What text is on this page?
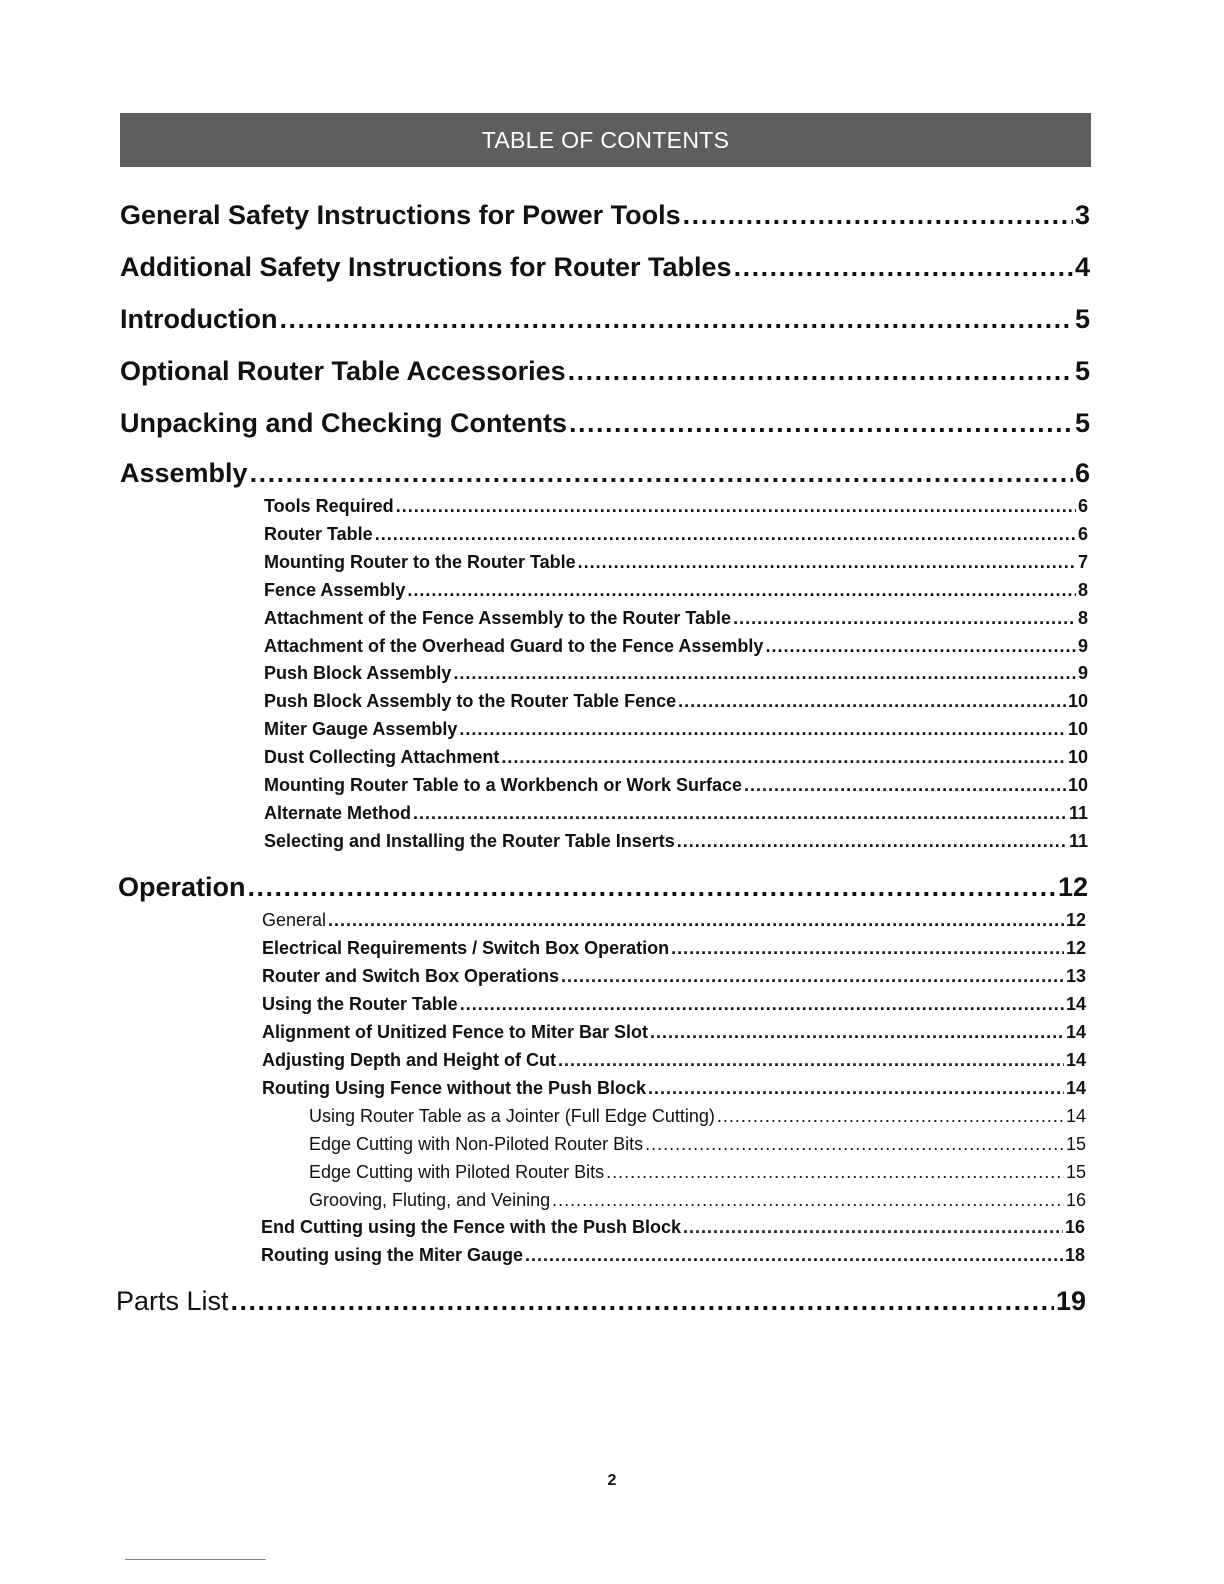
TABLE OF CONTENTS
General Safety Instructions for Power Tools .....	3
Additional Safety Instructions for Router Tables .....	4
Introduction .....	5
Optional Router Table Accessories .....	5
Unpacking and Checking Contents .....	5
Assembly .....	6
Tools Required .....	6
Router Table .....	6
Mounting Router to the Router Table .....	7
Fence Assembly .....	8
Attachment of the Fence Assembly to the Router Table .....	8
Attachment of the Overhead Guard to the Fence Assembly .....	9
Push Block Assembly .....	9
Push Block Assembly to the Router Table Fence .....	10
Miter Gauge Assembly .....	10
Dust Collecting Attachment .....	10
Mounting Router Table to a Workbench or Work Surface .....	10
Alternate Method .....	11
Selecting and Installing the Router Table Inserts .....	11
Operation .....	12
General .....	12
Electrical Requirements / Switch Box Operation .....	12
Router and Switch Box Operations .....	13
Using the Router Table .....	14
Alignment of Unitized Fence to Miter Bar Slot .....	14
Adjusting Depth and Height of Cut .....	14
Routing Using Fence without the Push Block .....	14
Using Router Table as a Jointer (Full Edge Cutting) .....	14
Edge Cutting with Non-Piloted Router Bits .....	15
Edge Cutting with Piloted Router Bits .....	15
Grooving, Fluting, and Veining .....	16
End Cutting using the Fence with the Push Block .....	16
Routing using the Miter Gauge .....	18
Parts List .....	19
2
